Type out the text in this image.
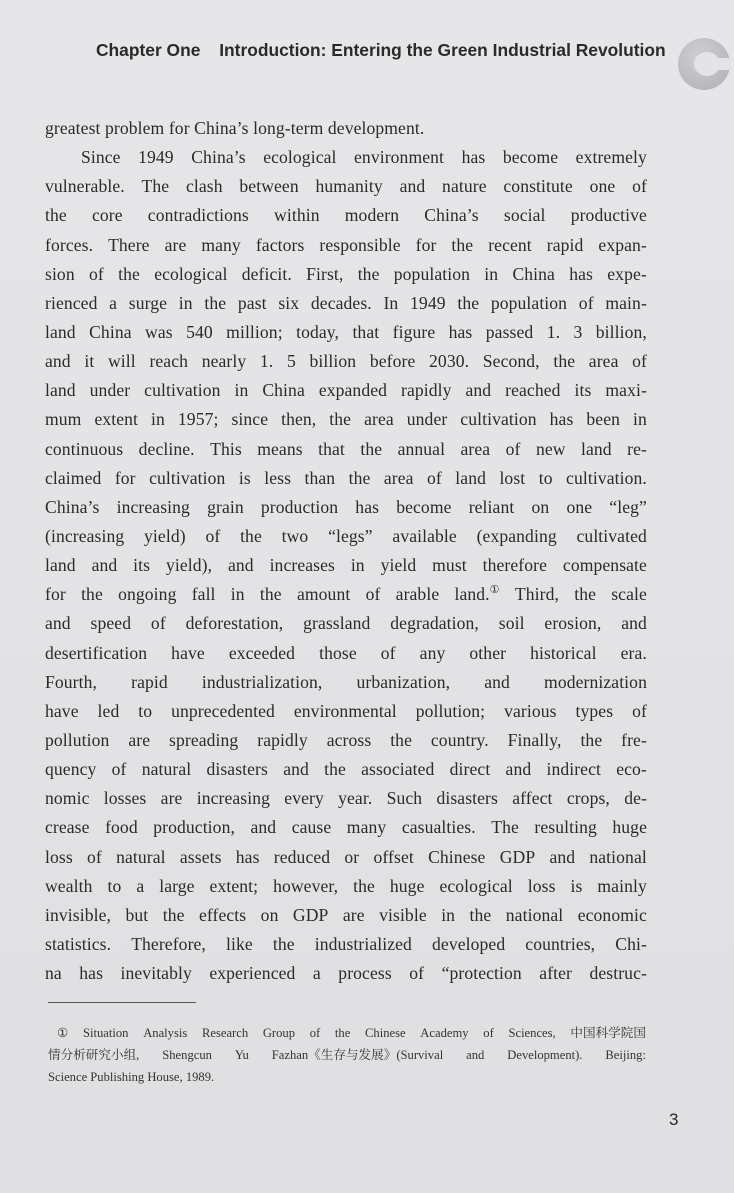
Chapter One Introduction: Entering the Green Industrial Revolution
greatest problem for China’s long-term development.
Since 1949 China’s ecological environment has become extremely
vulnerable. The clash between humanity and nature constitute one of
the core contradictions within modern China’s social productive
forces. There are many factors responsible for the recent rapid expan-
sion of the ecological deficit. First, the population in China has expe-
rienced a surge in the past six decades. In 1949 the population of main-
land China was 540 million; today, that figure has passed 1. 3 billion,
and it will reach nearly 1. 5 billion before 2030. Second, the area of
land under cultivation in China expanded rapidly and reached its maxi-
mum extent in 1957; since then, the area under cultivation has been in
continuous decline. This means that the annual area of new land re-
claimed for cultivation is less than the area of land lost to cultivation.
China’s increasing grain production has become reliant on one “leg”
(increasing yield) of the two “legs” available (expanding cultivated
land and its yield), and increases in yield must therefore compensate
for the ongoing fall in the amount of arable land.① Third, the scale
and speed of deforestation, grassland degradation, soil erosion, and
desertification have exceeded those of any other historical era.
Fourth, rapid industrialization, urbanization, and modernization
have led to unprecedented environmental pollution; various types of
pollution are spreading rapidly across the country. Finally, the fre-
quency of natural disasters and the associated direct and indirect eco-
nomic losses are increasing every year. Such disasters affect crops, de-
crease food production, and cause many casualties. The resulting huge
loss of natural assets has reduced or offset Chinese GDP and national
wealth to a large extent; however, the huge ecological loss is mainly
invisible, but the effects on GDP are visible in the national economic
statistics. Therefore, like the industrialized developed countries, Chi-
na has inevitably experienced a process of “protection after destruc-
① Situation Analysis Research Group of the Chinese Academy of Sciences, 中国科学院国
情分析研究小组, Shengcun Yu Fazhan《生存与发展》(Survival and Development). Beijing:
Science Publishing House, 1989.
3
